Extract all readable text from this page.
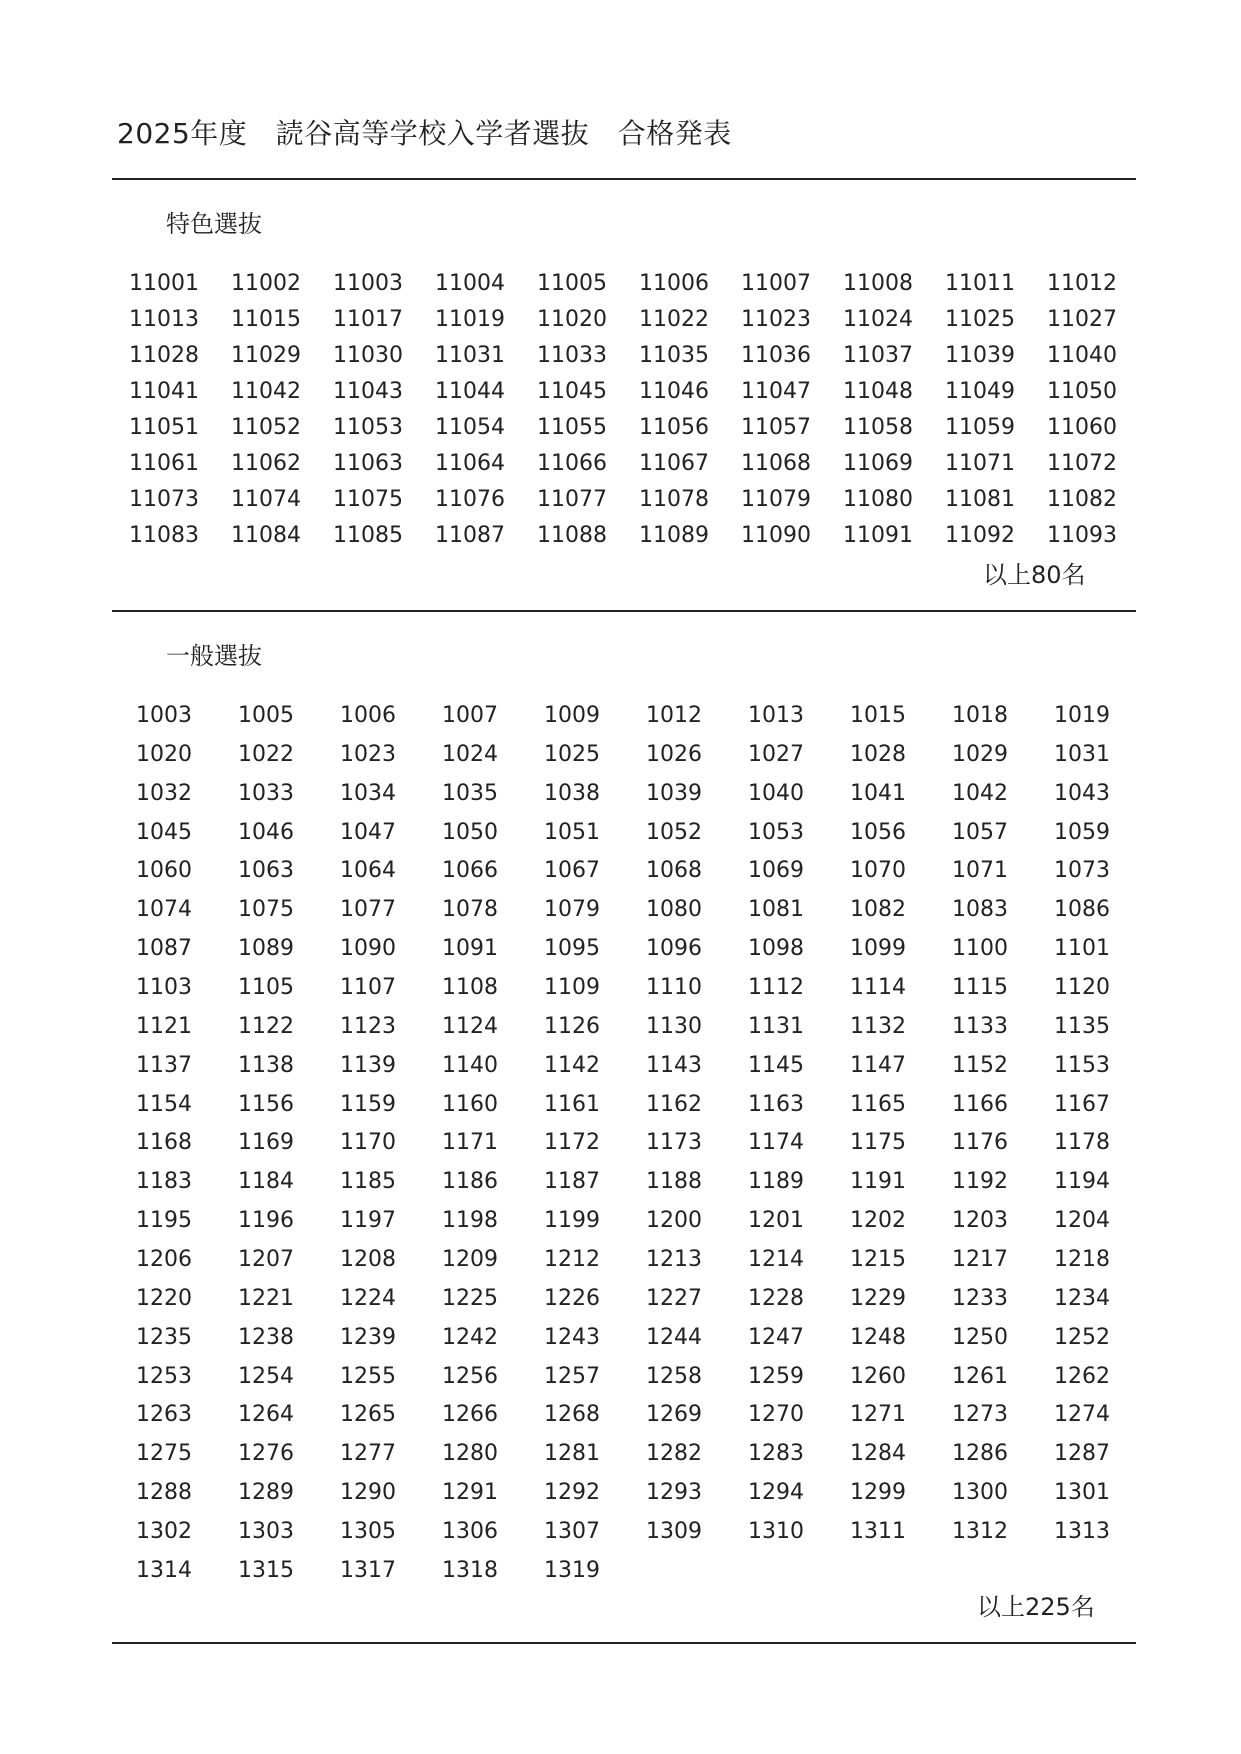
2025年度　読谷高等学校入学者選抜　合格発表
特色選抜
11001	11002	11003	11004	11005	11006	11007	11008	11011	11012
11013	11015	11017	11019	11020	11022	11023	11024	11025	11027
11028	11029	11030	11031	11033	11035	11036	11037	11039	11040
11041	11042	11043	11044	11045	11046	11047	11048	11049	11050
11051	11052	11053	11054	11055	11056	11057	11058	11059	11060
11061	11062	11063	11064	11066	11067	11068	11069	11071	11072
11073	11074	11075	11076	11077	11078	11079	11080	11081	11082
11083	11084	11085	11087	11088	11089	11090	11091	11092	11093
以上80名
一般選抜
1003	1005	1006	1007	1009	1012	1013	1015	1018	1019
1020	1022	1023	1024	1025	1026	1027	1028	1029	1031
1032	1033	1034	1035	1038	1039	1040	1041	1042	1043
1045	1046	1047	1050	1051	1052	1053	1056	1057	1059
1060	1063	1064	1066	1067	1068	1069	1070	1071	1073
1074	1075	1077	1078	1079	1080	1081	1082	1083	1086
1087	1089	1090	1091	1095	1096	1098	1099	1100	1101
1103	1105	1107	1108	1109	1110	1112	1114	1115	1120
1121	1122	1123	1124	1126	1130	1131	1132	1133	1135
1137	1138	1139	1140	1142	1143	1145	1147	1152	1153
1154	1156	1159	1160	1161	1162	1163	1165	1166	1167
1168	1169	1170	1171	1172	1173	1174	1175	1176	1178
1183	1184	1185	1186	1187	1188	1189	1191	1192	1194
1195	1196	1197	1198	1199	1200	1201	1202	1203	1204
1206	1207	1208	1209	1212	1213	1214	1215	1217	1218
1220	1221	1224	1225	1226	1227	1228	1229	1233	1234
1235	1238	1239	1242	1243	1244	1247	1248	1250	1252
1253	1254	1255	1256	1257	1258	1259	1260	1261	1262
1263	1264	1265	1266	1268	1269	1270	1271	1273	1274
1275	1276	1277	1280	1281	1282	1283	1284	1286	1287
1288	1289	1290	1291	1292	1293	1294	1299	1300	1301
1302	1303	1305	1306	1307	1309	1310	1311	1312	1313
1314	1315	1317	1318	1319
以上225名
